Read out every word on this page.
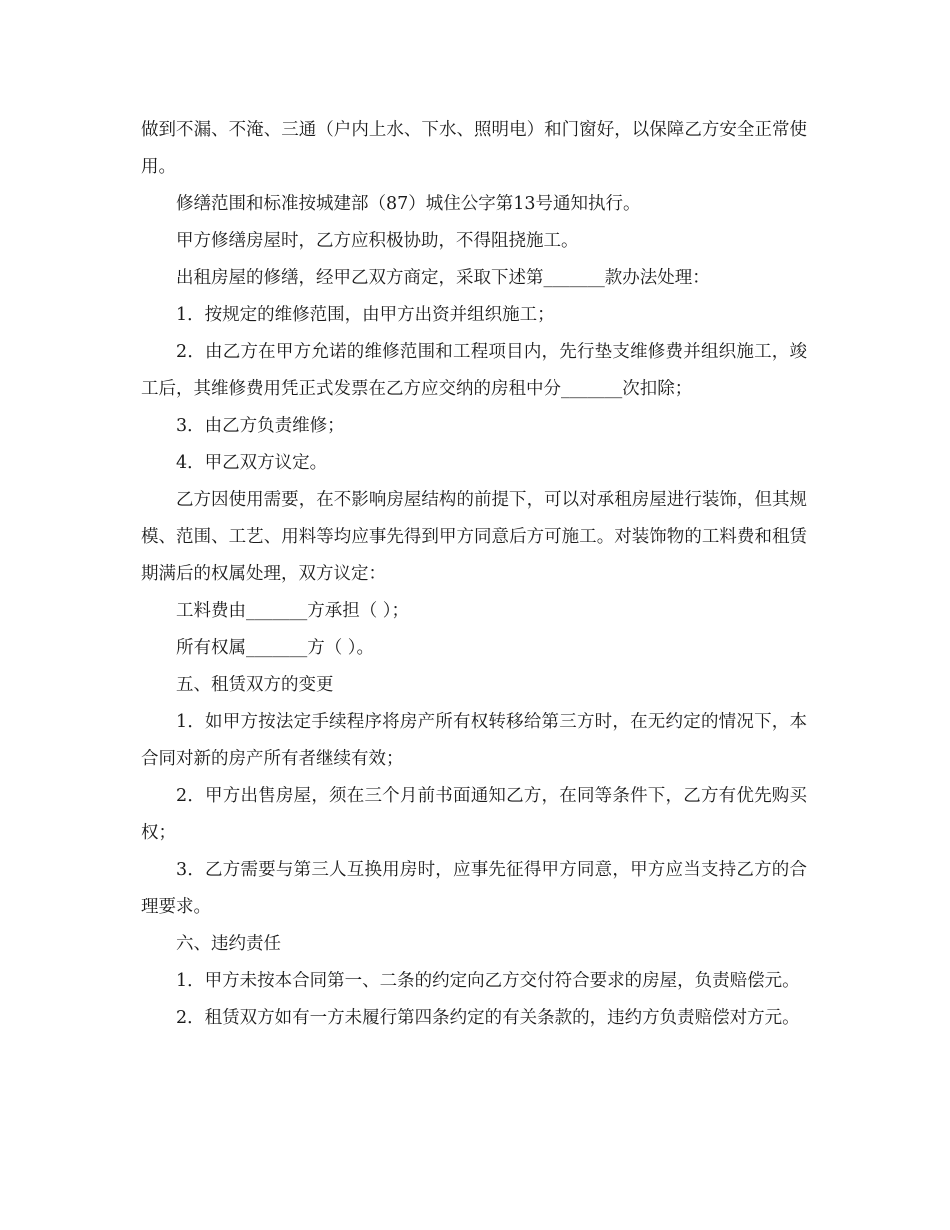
做到不漏、不淹、三通（户内上水、下水、照明电）和门窗好，以保障乙方安全正常使用。

修缮范围和标准按城建部（87）城住公字第13号通知执行。

甲方修缮房屋时，乙方应积极协助，不得阻挠施工。

出租房屋的修缮，经甲乙双方商定，采取下述第_______款办法处理：

1．按规定的维修范围，由甲方出资并组织施工；

2．由乙方在甲方允诺的维修范围和工程项目内，先行垫支维修费并组织施工，竣工后，其维修费用凭正式发票在乙方应交纳的房租中分_______次扣除；

3．由乙方负责维修；

4．甲乙双方议定。

乙方因使用需要，在不影响房屋结构的前提下，可以对承租房屋进行装饰，但其规模、范围、工艺、用料等均应事先得到甲方同意后方可施工。对装饰物的工料费和租赁期满后的权属处理，双方议定：

工料费由_______方承担（ ）；

所有权属_______方（ ）。

五、租赁双方的变更

1．如甲方按法定手续程序将房产所有权转移给第三方时，在无约定的情况下，本合同对新的房产所有者继续有效；

2．甲方出售房屋，须在三个月前书面通知乙方，在同等条件下，乙方有优先购买权；

3．乙方需要与第三人互换用房时，应事先征得甲方同意，甲方应当支持乙方的合理要求。

六、违约责任

1．甲方未按本合同第一、二条的约定向乙方交付符合要求的房屋，负责赔偿元。

2．租赁双方如有一方未履行第四条约定的有关条款的，违约方负责赔偿对方元。
